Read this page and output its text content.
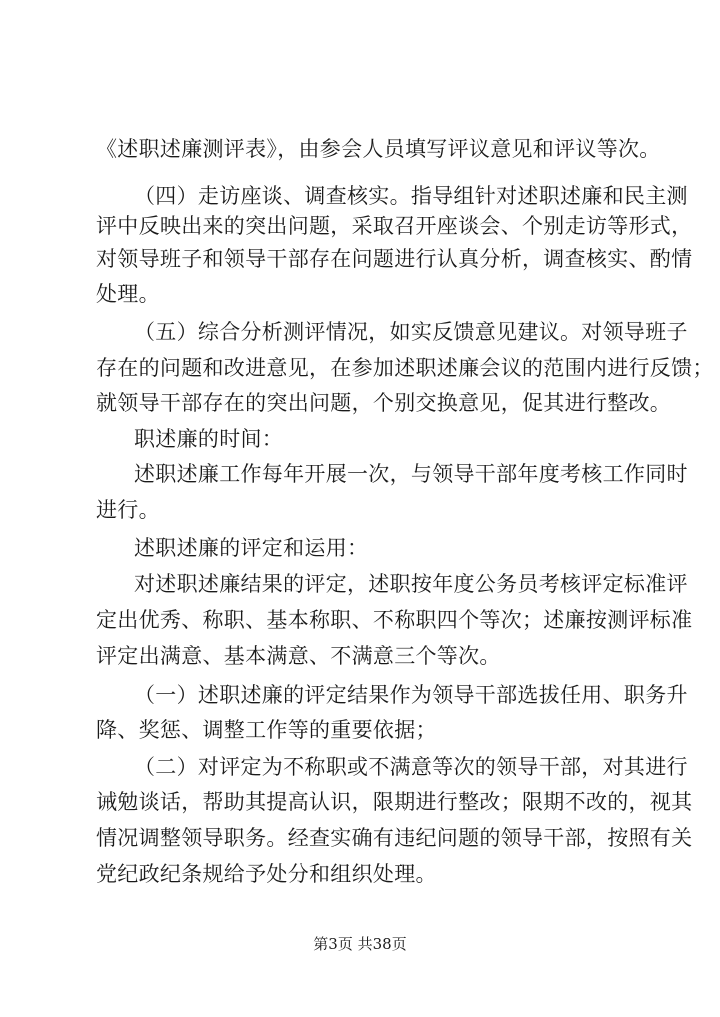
《述职述廉测评表》，由参会人员填写评议意见和评议等次。
（四）走访座谈、调查核实。指导组针对述职述廉和民主测
评中反映出来的突出问题，采取召开座谈会、个别走访等形式，
对领导班子和领导干部存在问题进行认真分析，调查核实、酌情
处理。
（五）综合分析测评情况，如实反馈意见建议。对领导班子
存在的问题和改进意见，在参加述职述廉会议的范围内进行反馈；
就领导干部存在的突出问题，个别交换意见，促其进行整改。
职述廉的时间：
述职述廉工作每年开展一次，与领导干部年度考核工作同时
进行。
述职述廉的评定和运用：
对述职述廉结果的评定，述职按年度公务员考核评定标准评
定出优秀、称职、基本称职、不称职四个等次；述廉按测评标准
评定出满意、基本满意、不满意三个等次。
（一）述职述廉的评定结果作为领导干部选拔任用、职务升
降、奖惩、调整工作等的重要依据；
（二）对评定为不称职或不满意等次的领导干部，对其进行
诫勉谈话，帮助其提高认识，限期进行整改；限期不改的，视其
情况调整领导职务。经查实确有违纪问题的领导干部，按照有关
党纪政纪条规给予处分和组织处理。
第3页 共38页
